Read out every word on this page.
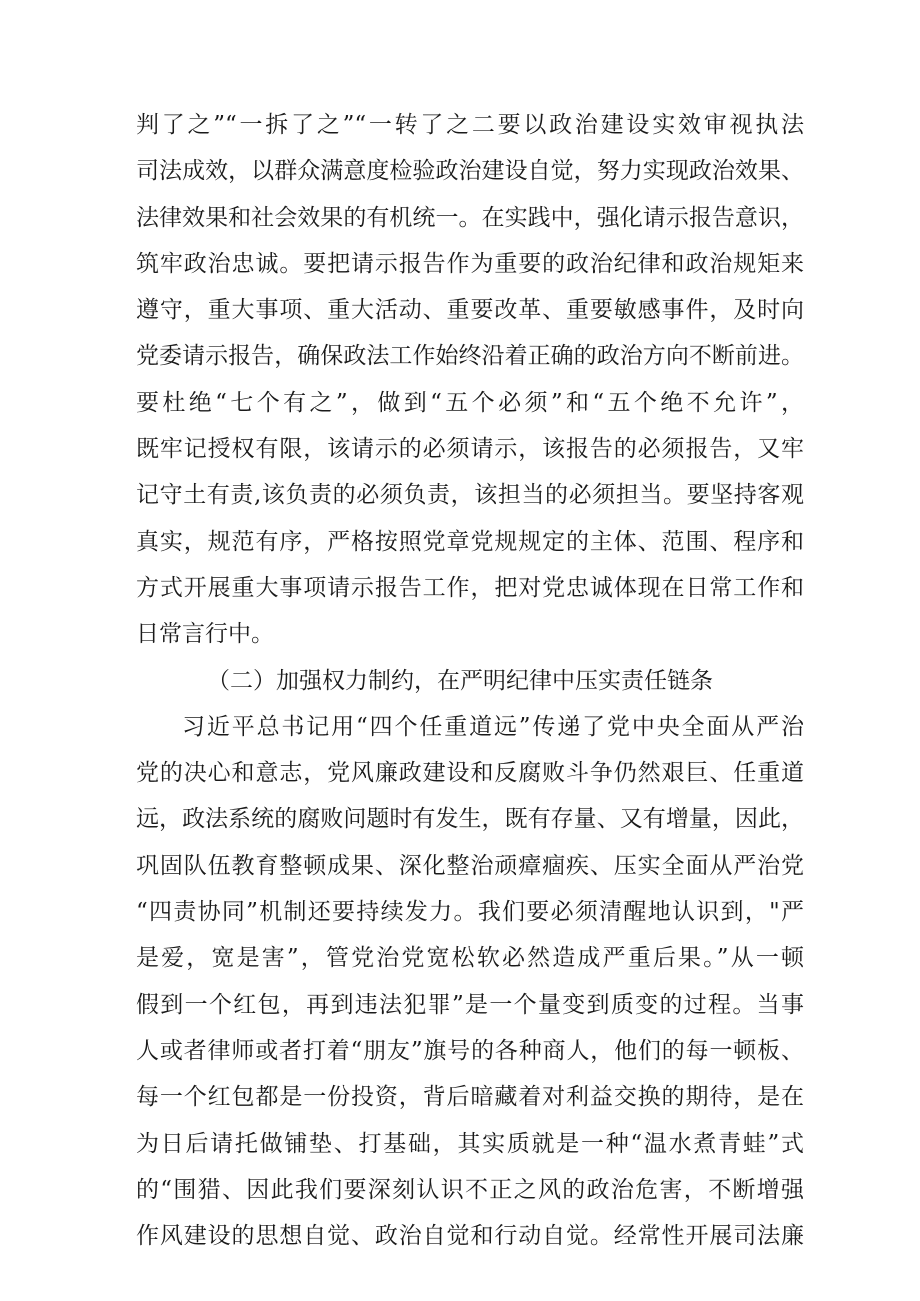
判了之”“一拆了之”“一转了之二要以政治建设实效审视执法
司法成效，以群众满意度检验政治建设自觉，努力实现政治效果、
法律效果和社会效果的有机统一。在实践中，强化请示报告意识，
筑牢政治忠诚。要把请示报告作为重要的政治纪律和政治规矩来
遵守，重大事项、重大活动、重要改革、重要敏感事件，及时向
党委请示报告，确保政法工作始终沿着正确的政治方向不断前进。
要杜绝“七个有之”，做到“五个必须”和“五个绝不允许”，
既牢记授权有限，该请示的必须请示，该报告的必须报告，又牢
记守土有责,该负责的必须负责，该担当的必须担当。要坚持客观
真实，规范有序，严格按照党章党规规定的主体、范围、程序和
方式开展重大事项请示报告工作，把对党忠诚体现在日常工作和
日常言行中。
（二）加强权力制约，在严明纪律中压实责任链条
习近平总书记用“四个任重道远”传递了党中央全面从严治
党的决心和意志，党风廉政建设和反腐败斗争仍然艰巨、任重道
远，政法系统的腐败问题时有发生，既有存量、又有增量，因此，
巩固队伍教育整顿成果、深化整治顽瘴痼疾、压实全面从严治党
“四责协同”机制还要持续发力。我们要必须清醒地认识到，"严
是爱，宽是害”，管党治党宽松软必然造成严重后果。”从一顿
假到一个红包，再到违法犯罪”是一个量变到质变的过程。当事
人或者律师或者打着“朋友”旗号的各种商人，他们的每一顿板、
每一个红包都是一份投资，背后暗藏着对利益交换的期待，是在
为日后请托做铺垫、打基础，其实质就是一种“温水煮青蛙”式
的“围猎、因此我们要深刻认识不正之风的政治危害，不断增强
作风建设的思想自觉、政治自觉和行动自觉。经常性开展司法廉
